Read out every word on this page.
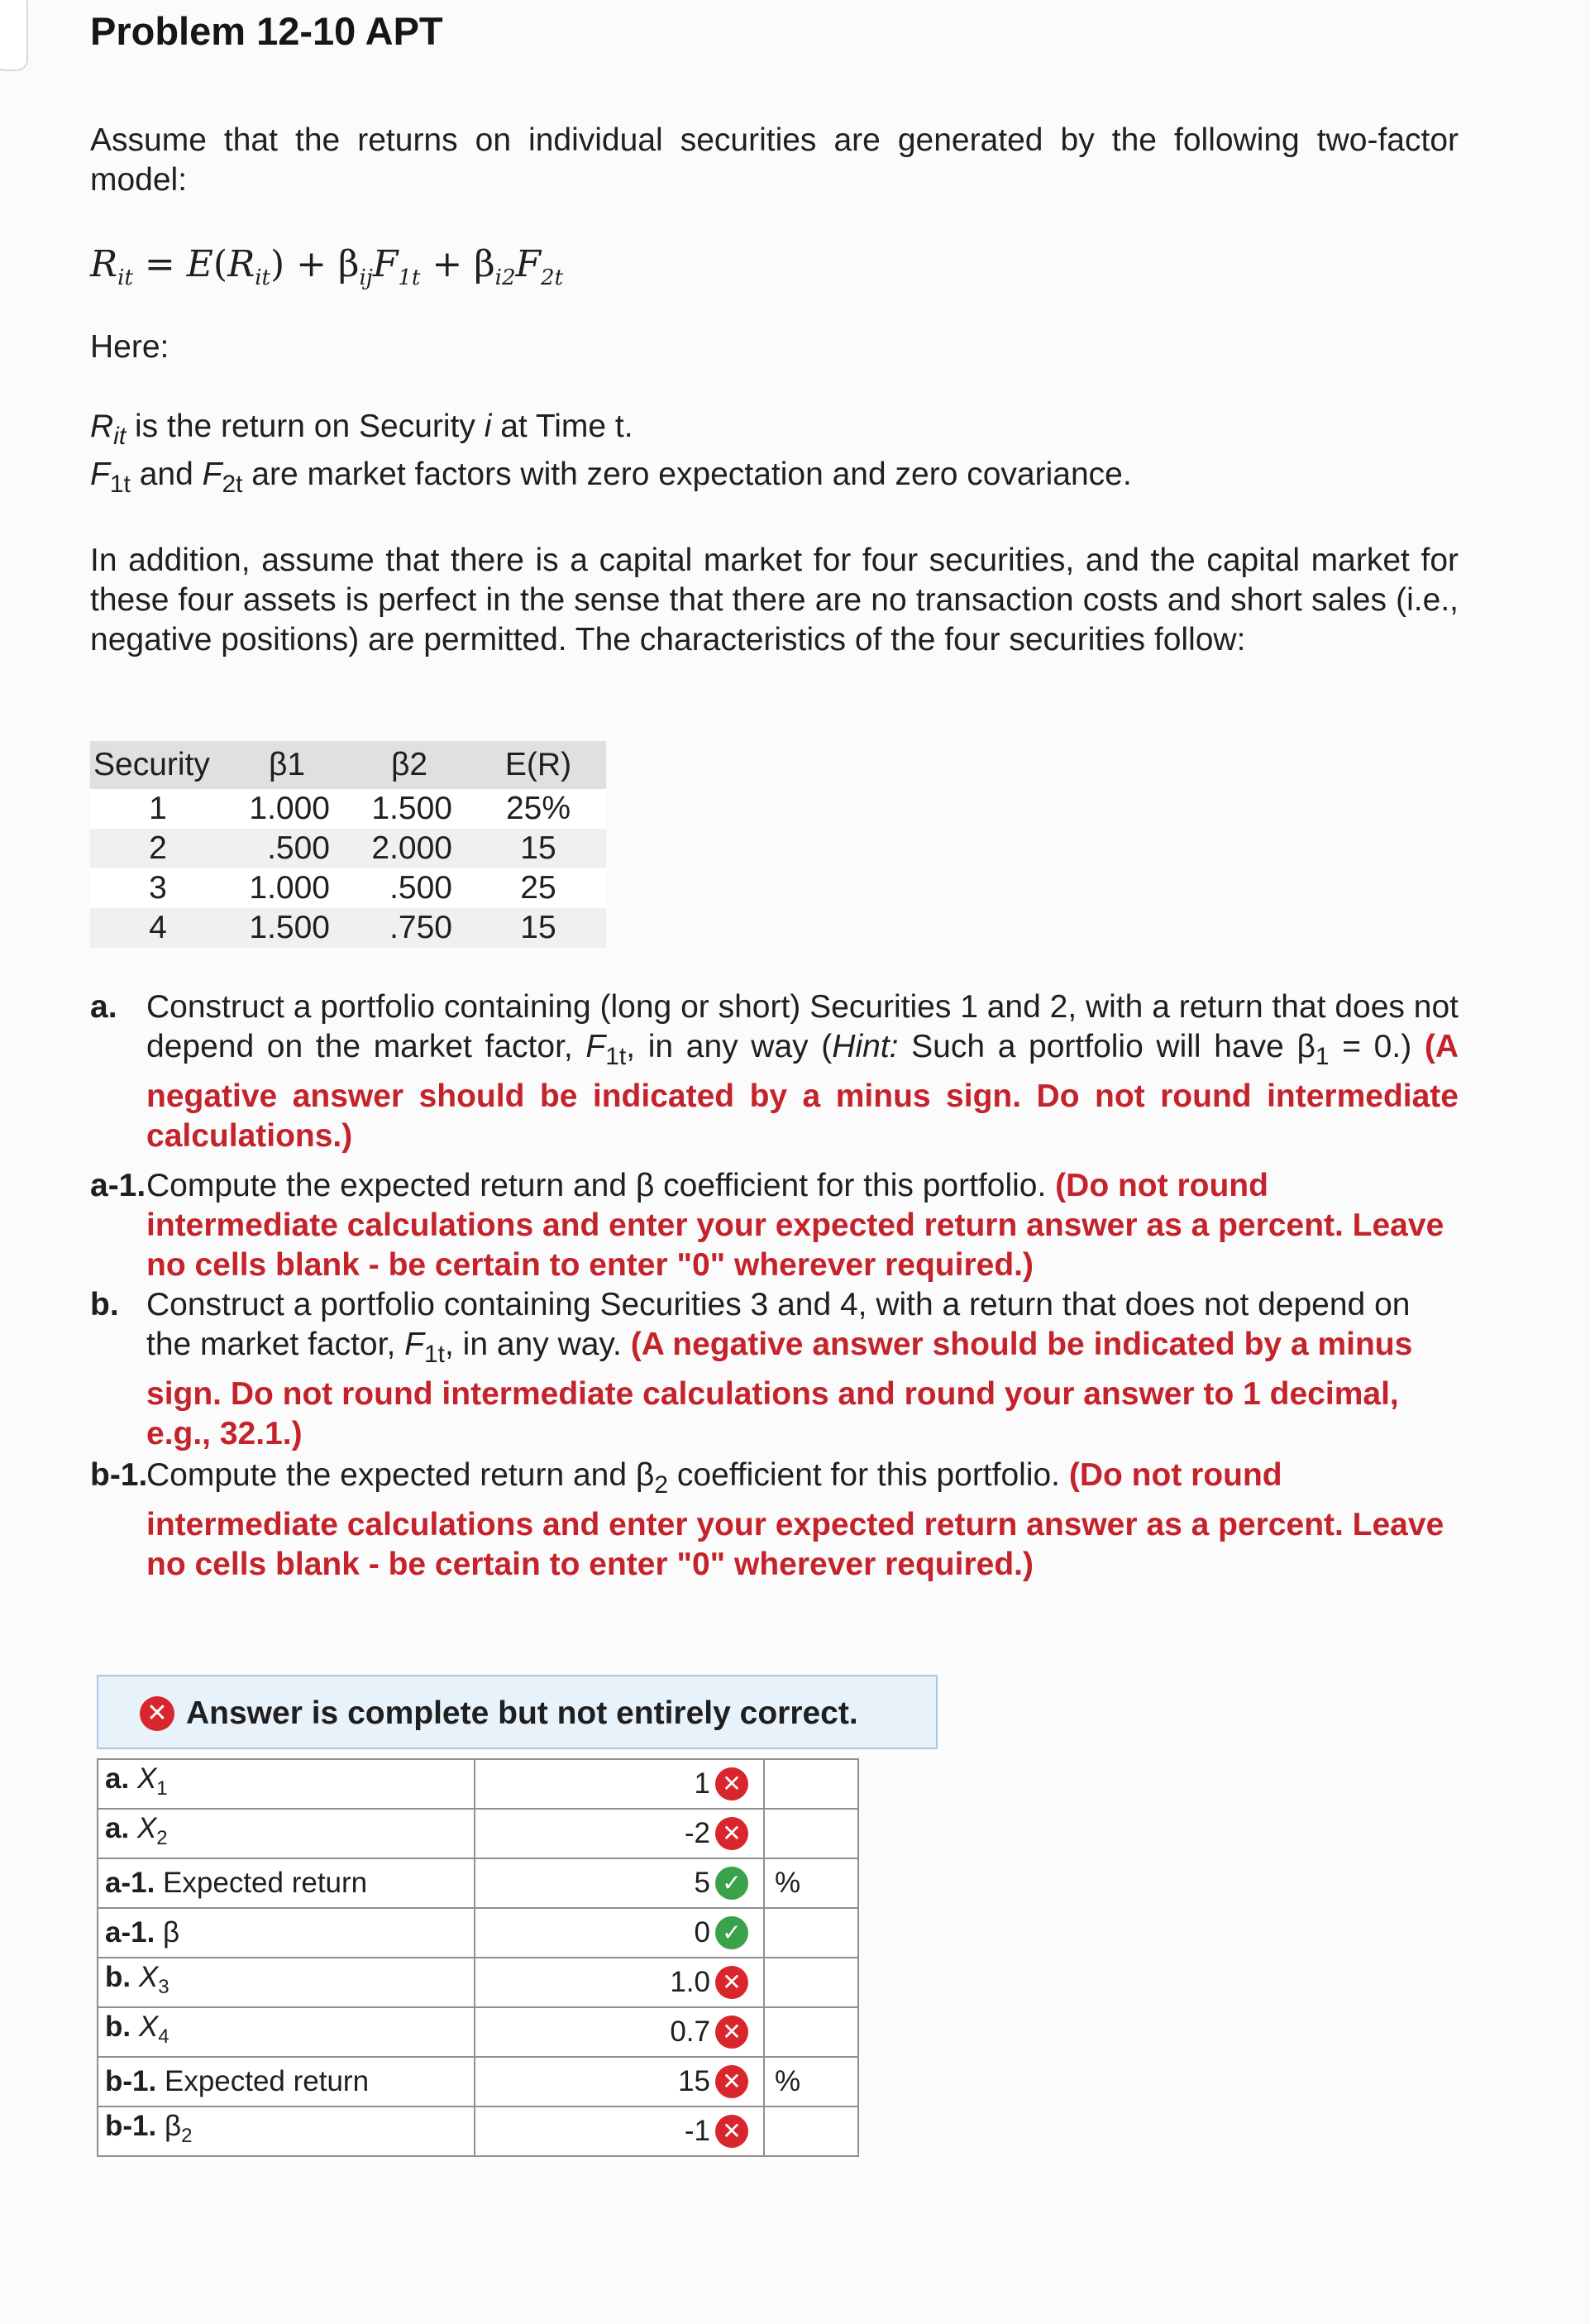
Problem 12-10 APT
Assume that the returns on individual securities are generated by the following two-factor model:
$R_{it} = E(R_{it}) + \beta_{ij}F_{1t} + \beta_{i2}F_{2t}$
Here:
$R_{it}$ is the return on Security i at Time t.
$F_{1t}$ and $F_{2t}$ are market factors with zero expectation and zero covariance.
In addition, assume that there is a capital market for four securities, and the capital market for these four assets is perfect in the sense that there are no transaction costs and short sales (i.e., negative positions) are permitted. The characteristics of the four securities follow:
Security	β1	β2	E(R)
1	1.000	1.500	25%
2	.500	2.000	15
3	1.000	.500	25
4	1.500	.750	15
a. Construct a portfolio containing (long or short) Securities 1 and 2, with a return that does not depend on the market factor, $F_{1t}$, in any way (Hint: Such a portfolio will have $\beta_1 = 0$.) (A negative answer should be indicated by a minus sign. Do not round intermediate calculations.)
a-1. Compute the expected return and β coefficient for this portfolio. (Do not round intermediate calculations and enter your expected return answer as a percent. Leave no cells blank - be certain to enter "0" wherever required.)
b. Construct a portfolio containing Securities 3 and 4, with a return that does not depend on the market factor, $F_{1t}$, in any way. (A negative answer should be indicated by a minus sign. Do not round intermediate calculations and round your answer to 1 decimal, e.g., 32.1.)
b-1.
Compute the expected return and $\beta_2$ coefficient for this portfolio. (Do not round intermediate calculations and enter your expected return answer as a percent. Leave no cells blank - be certain to enter "0" wherever required.)
✕ Answer is complete but not entirely correct.
a. $X_1$	1 ✕	
a. $X_2$	-2 ✕	
a-1. Expected return	5 ✓	%
a-1. β	0 ✓	
b. $X_3$	1.0 ✕	
b. $X_4$	0.7 ✕	
b-1. Expected return	15 ✕	%
b-1. $\beta_2$	-1 ✕	
